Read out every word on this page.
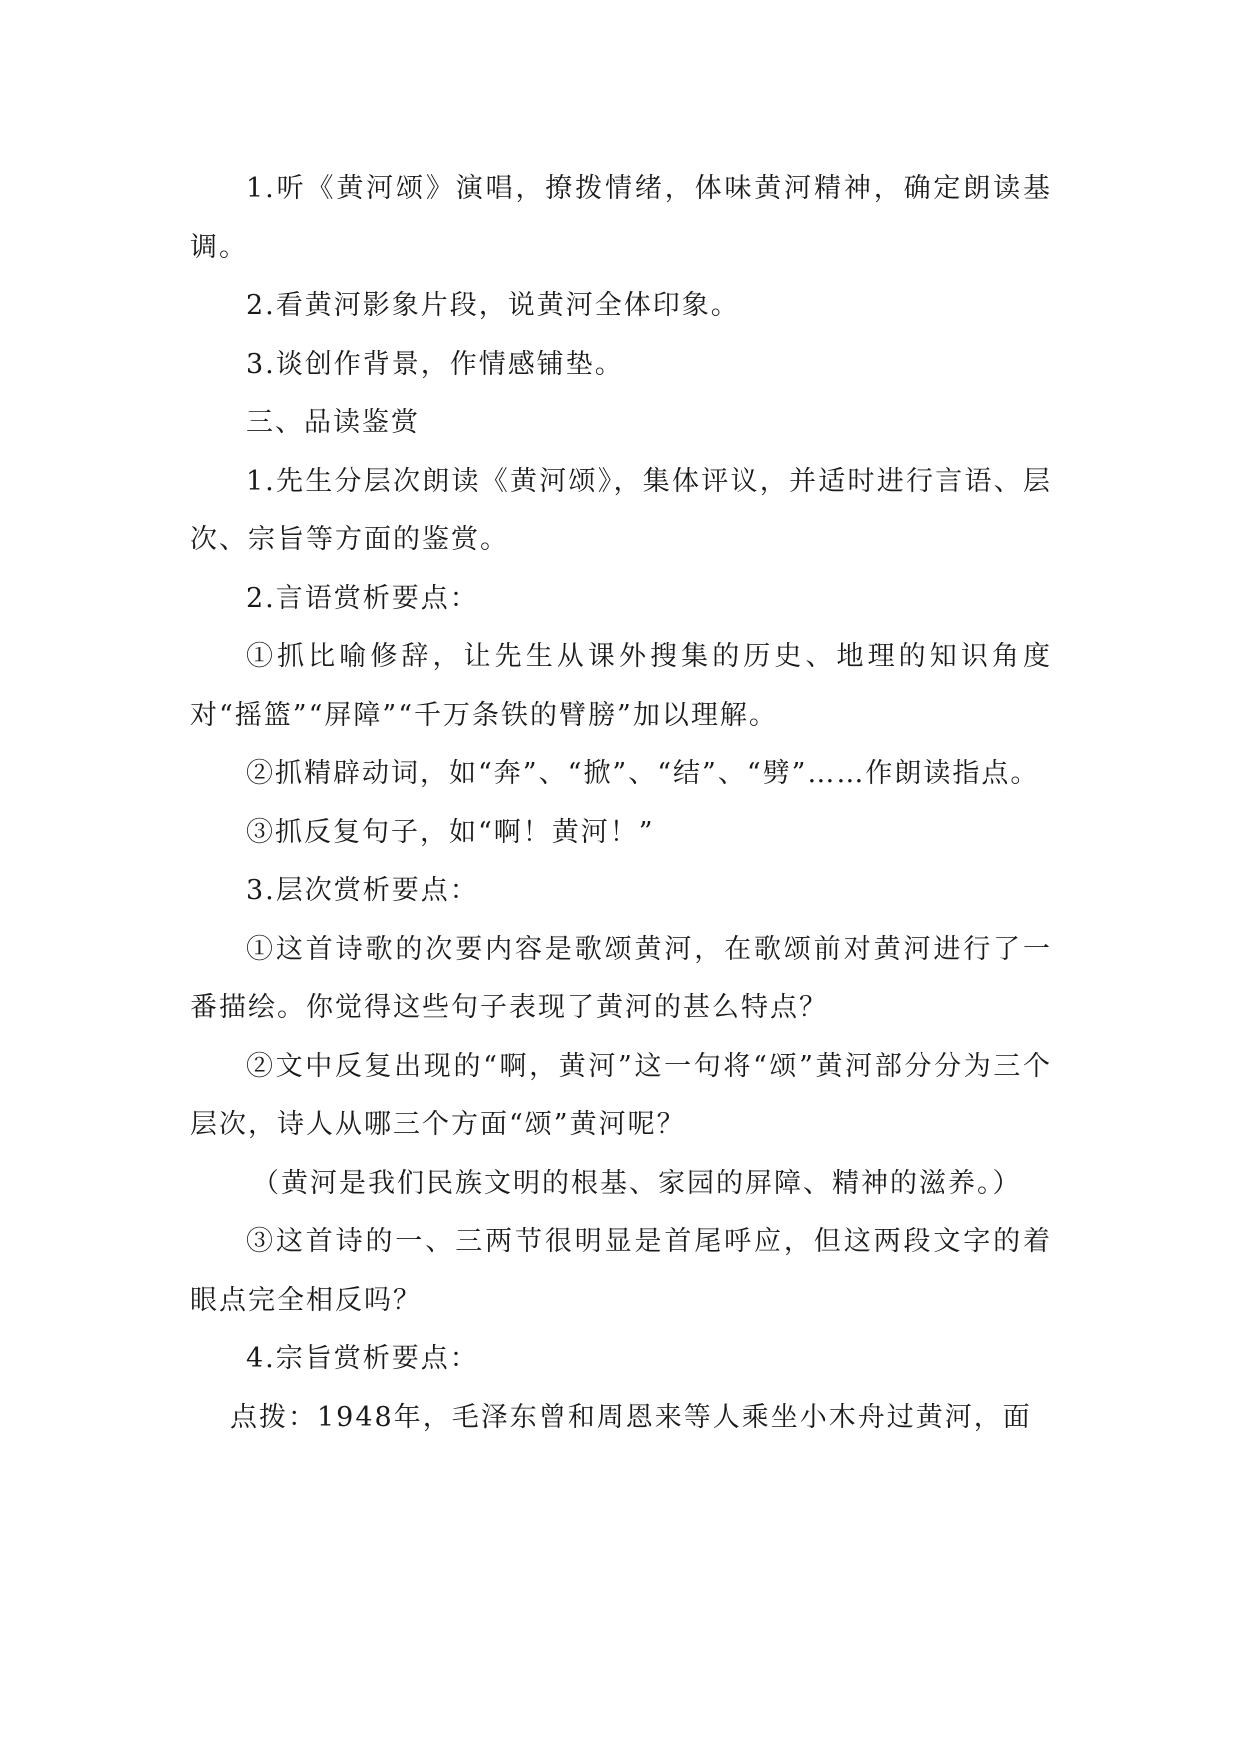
1.听《黄河颂》演唱，撩拨情绪，体味黄河精神，确定朗读基调。

2.看黄河影象片段，说黄河全体印象。

3.谈创作背景，作情感铺垫。

三、品读鉴赏

1.先生分层次朗读《黄河颂》，集体评议，并适时进行言语、层次、宗旨等方面的鉴赏。

2.言语赏析要点：

①抓比喻修辞，让先生从课外搜集的历史、地理的知识角度对“摇篮”“屏障”“千万条铁的臂膀”加以理解。

②抓精辟动词，如“奔”、“掀”、“结”、“劈”……作朗读指点。

③抓反复句子，如“啊！黄河！”

3.层次赏析要点：

①这首诗歌的次要内容是歌颂黄河，在歌颂前对黄河进行了一番描绘。你觉得这些句子表现了黄河的甚么特点？

②文中反复出现的“啊，黄河”这一句将“颂”黄河部分分为三个层次，诗人从哪三个方面“颂”黄河呢？

（黄河是我们民族文明的根基、家园的屏障、精神的滋养。）

③这首诗的一、三两节很明显是首尾呼应，但这两段文字的着眼点完全相反吗？

4.宗旨赏析要点：

点拨：1948年，毛泽东曾和周恩来等人乘坐小木舟过黄河，面
